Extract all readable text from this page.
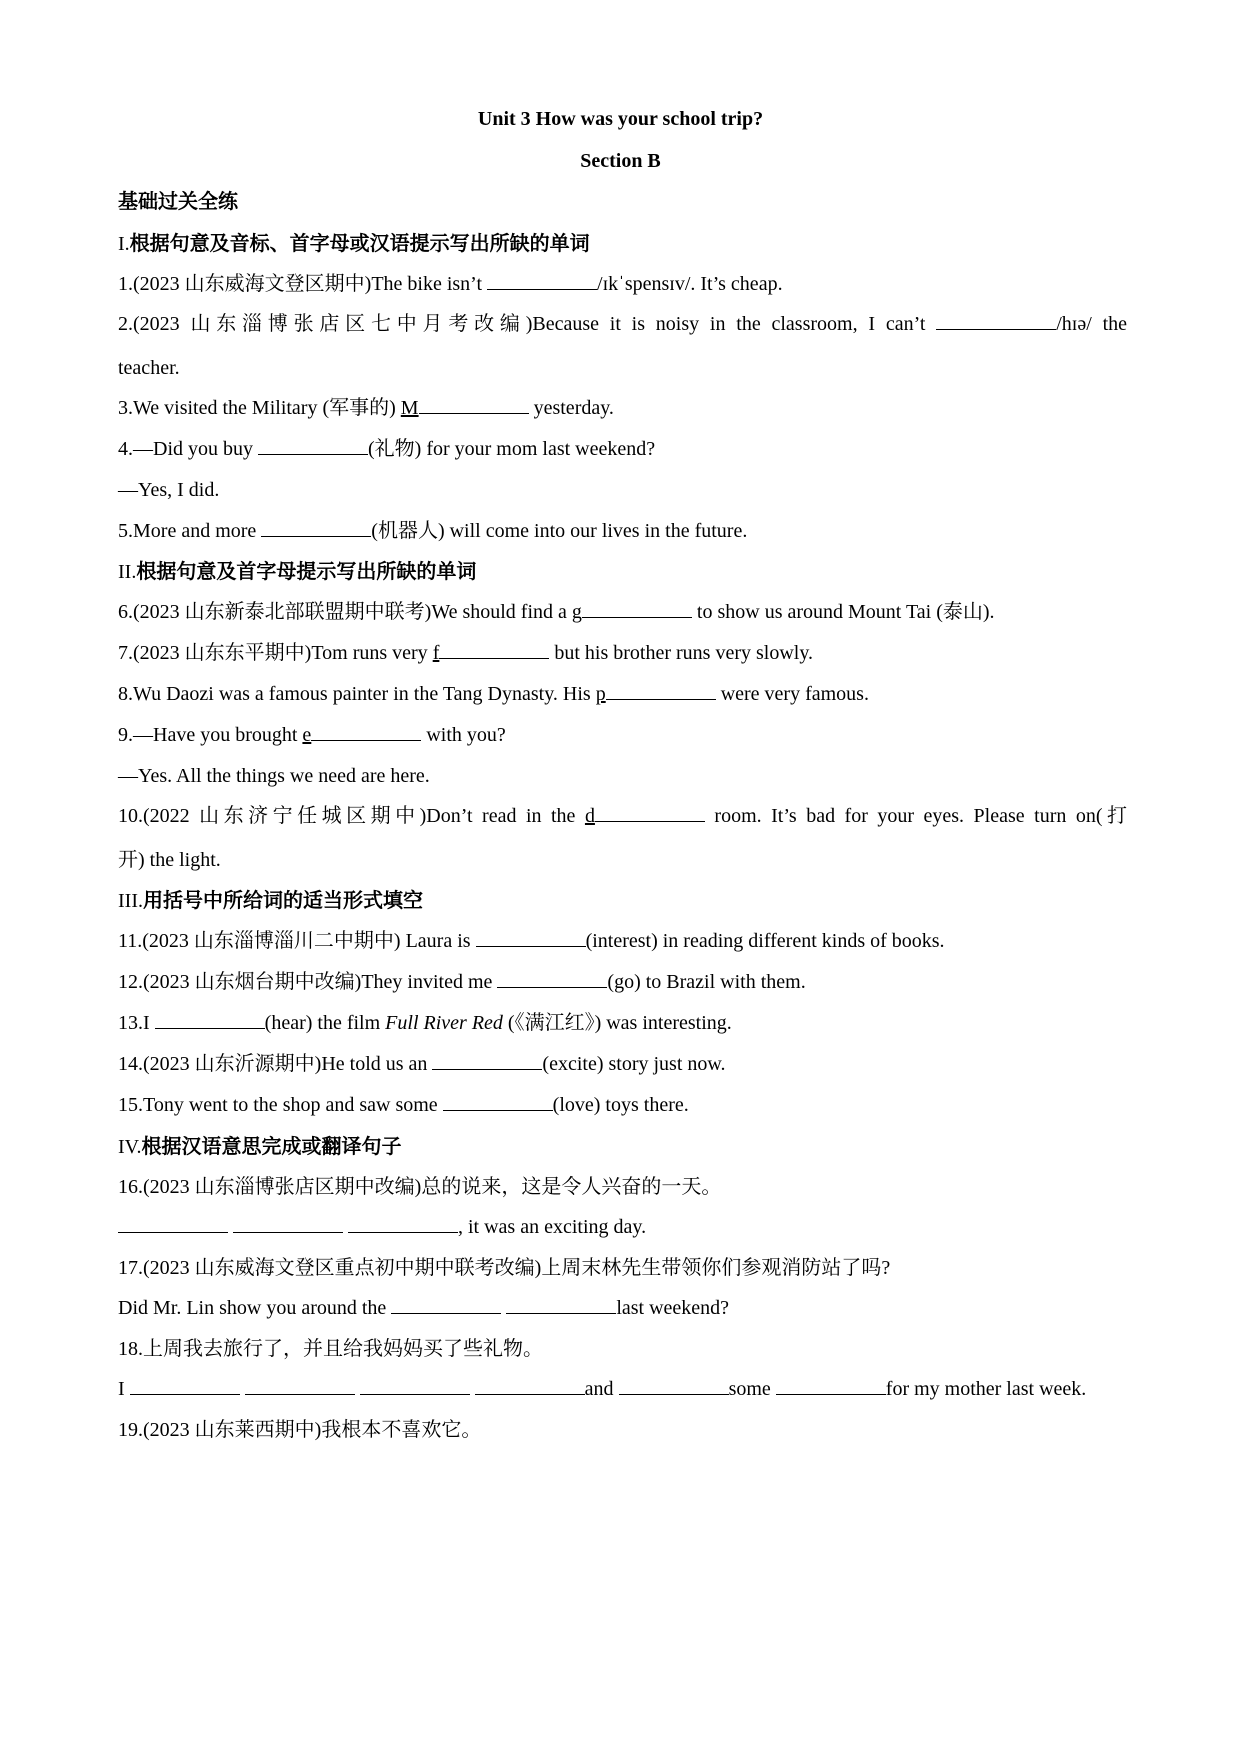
Unit 3 How was your school trip?
Section B
基础过关全练
I.根据句意及音标、首字母或汉语提示写出所缺的单词
1.(2023 山东威海文登区期中)The bike isn’t	/ɪkˈspensɪv/. It’s cheap.
2.(2023 山东淄博张店区七中月考改编)Because it is noisy in the classroom, I can’t	/hɪə/ the
teacher.
3.We visited the Military (军事的) M	yesterday.
4.—Did you buy	(礼物) for your mom last weekend?
—Yes, I did.
5.More and more	(机器人) will come into our lives in the future.
II.根据句意及首字母提示写出所缺的单词
6.(2023 山东新泰北部联盟期中联考)We should find a g	to show us around Mount Tai (泰山).
7.(2023 山东东平期中)Tom runs very f	but his brother runs very slowly.
8.Wu Daozi was a famous painter in the Tang Dynasty. His p	were very famous.
9.—Have you brought e	with you?
—Yes. All the things we need are here.
10.(2022 山东济宁任城区期中)Don’t read in the d	room. It’s bad for your eyes. Please turn on(打
开) the light.
III.用括号中所给词的适当形式填空
11.(2023 山东淄博淄川二中期中) Laura is	(interest) in reading different kinds of books.
12.(2023 山东烟台期中改编)They invited me	(go) to Brazil with them.
13.I	(hear) the film Full River Red (《满江红》) was interesting.
14.(2023 山东沂源期中)He told us an	(excite) story just now.
15.Tony went to the shop and saw some	(love) toys there.
IV.根据汉语意思完成或翻译句子
16.(2023 山东淄博张店区期中改编)总的说来，这是令人兴奋的一天。
, it was an exciting day.
17.(2023 山东威海文登区重点初中期中联考改编)上周末林先生带领你们参观消防站了吗?
Did Mr. Lin show you around the	last weekend?
18.上周我去旅行了，并且给我妈妈买了些礼物。
I	and	some	for my mother last week.
19.(2023 山东莱西期中)我根本不喜欢它。
